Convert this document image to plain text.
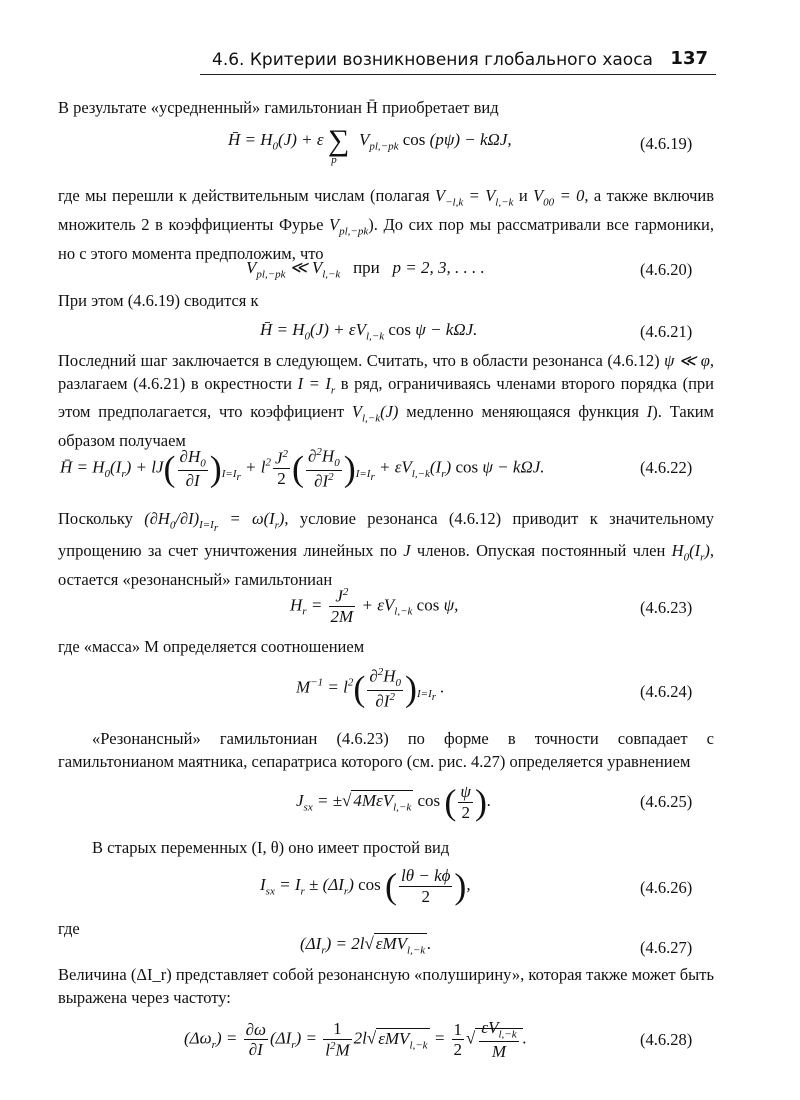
4.6. Критерии возникновения глобального хаоса 137

В результате «усредненный» гамильтониан H̄ приобретает вид

H̄ = $H_0(J) + \varepsilon$ $\sum_p$ $V_{pl,-pk}$ cos (pψ) − kΩJ,	(4.6.19)

где мы перешли к действительным числам (полагая $V_{-l,k} = V_{l,-k}$ и $V_{00} = 0$, а также включив множитель 2 в коэффициенты Фурье $V_{pl,-pk}$). До сих пор мы рассматривали все гармоники, но с этого момента предположим, что

$V_{pl,-pk}$ ≪ $V_{l,-k}$ при   p = 2, 3, . . . .	(4.6.20)

При этом (4.6.19) сводится к

H̄ = $H_0(J) + \varepsilon V_{l,-k}$ cos ψ − kΩJ.	(4.6.21)

Последний шаг заключается в следующем. Считать, что в области резонанса (4.6.12) ψ ≪ φ, разлагаем (4.6.21) в окрестности $I = I_r$ в ряд, ограничиваясь членами второго порядка (при этом предполагается, что коэффициент $V_{l,-k}(J)$ медленно меняющаяся функция I). Таким образом получаем

H̄ = $H_0(I_r) + lJ( \frac{\partial H_0}{\partial I} )_{I=I_r} + l^2 \frac{J^2}{2}$ ( $\frac{\partial^2H_0}{\partial I^2} )_{I=I_r} + \varepsilon V_{l,-k}(I_r)$ cos ψ − kΩJ.	(4.6.22)

Поскольку $(\partial H_0/\partial I)_{I=I_r} = \omega(I_r)$, условие резонанса (4.6.12) приводит к значительному упрощению за счет уничтожения линейных по J членов. Опуская постоянный член $H_0(I_r)$, остается «резонансный» гамильтониан

$H_r = \frac{J^2}{2M} + \varepsilon V_{l,-k}$ cos ψ,	(4.6.23)

где «масса» M определяется соотношением

$M^{-1} = l^2( \frac{\partial^2H_0}{\partial I^2} )_{I=I_r}$ .	(4.6.24)

«Резонансный» гамильтониан (4.6.23) по форме в точности совпадает с гамильтонианом маятника, сепаратриса которого (см. рис. 4.27) определяется уравнением

$J_{sx}$ = ±√ 4MεV$_{l,-k}$ cos ( $\frac{\psi}{2}$ ).	(4.6.25)

В старых переменных (I, θ) оно имеет простой вид

$I_{sx} = I_r \pm (\Delta I_r)$ cos ( $\frac{l\theta - k\phi}{2}$ ),	(4.6.26)

где

$(\Delta I_r) = 2l√$ εMV$_{l,-k}$ .	(4.6.27)

Величина (ΔI_r) представляет собой резонансную «полуширину», которая также может быть выражена через частоту:

$(\Delta\omega_r) = \frac{\partial\omega}{\partial I} (\Delta I_r) = \frac{1}{l^2M} 2l√$ $\varepsilon MV_{l,-k} = \frac{1}{2}$ √ $\frac{\varepsilon V_{l,-k}}{M}$ .	(4.6.28)
